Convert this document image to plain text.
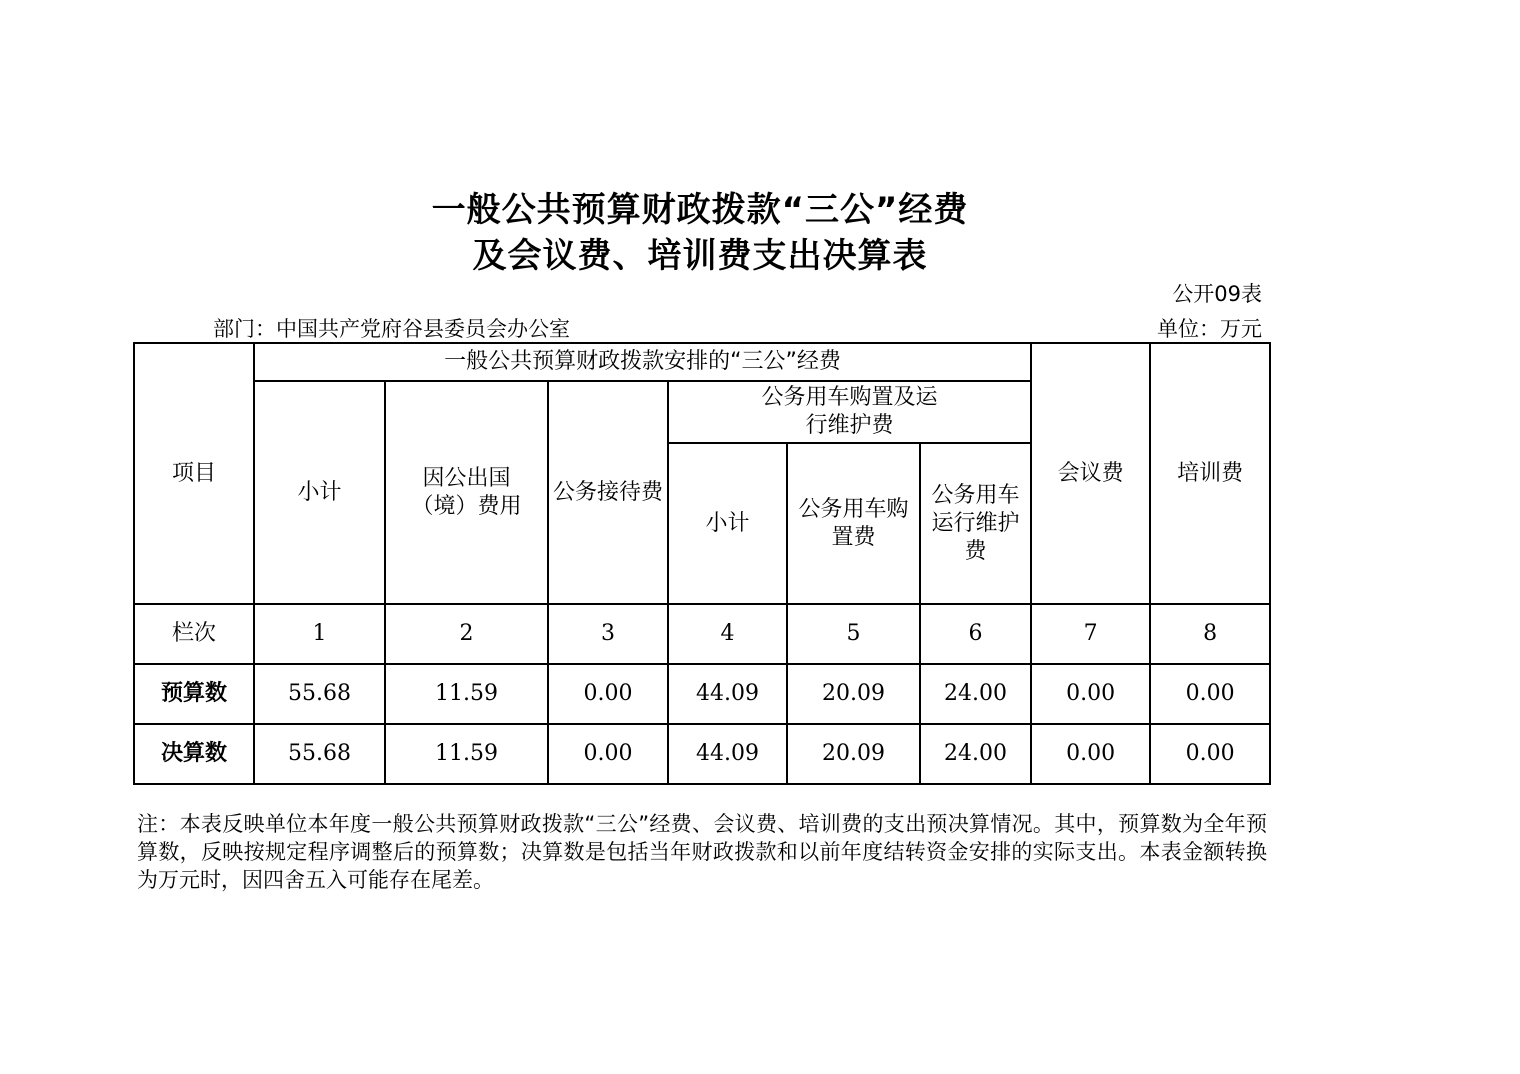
一般公共预算财政拨款“三公”经费
及会议费、培训费支出决算表
公开09表
部门：中国共产党府谷县委员会办公室	单位：万元
项目	一般公共预算财政拨款安排的“三公”经费						会议费	培训费
	小计	因公出国（境）费用	公务接待费	公务用车购置及运行维护费				
				小计	公务用车购置费	公务用车运行维护费		
栏次	1	2	3	4	5	6	7	8
预算数	55.68	11.59	0.00	44.09	20.09	24.00	0.00	0.00
决算数	55.68	11.59	0.00	44.09	20.09	24.00	0.00	0.00
注：本表反映单位本年度一般公共预算财政拨款“三公”经费、会议费、培训费的支出预决算情况。其中，预算数为全年预算数，反映按规定程序调整后的预算数；决算数是包括当年财政拨款和以前年度结转资金安排的实际支出。本表金额转换为万元时，因四舍五入可能存在尾差。
